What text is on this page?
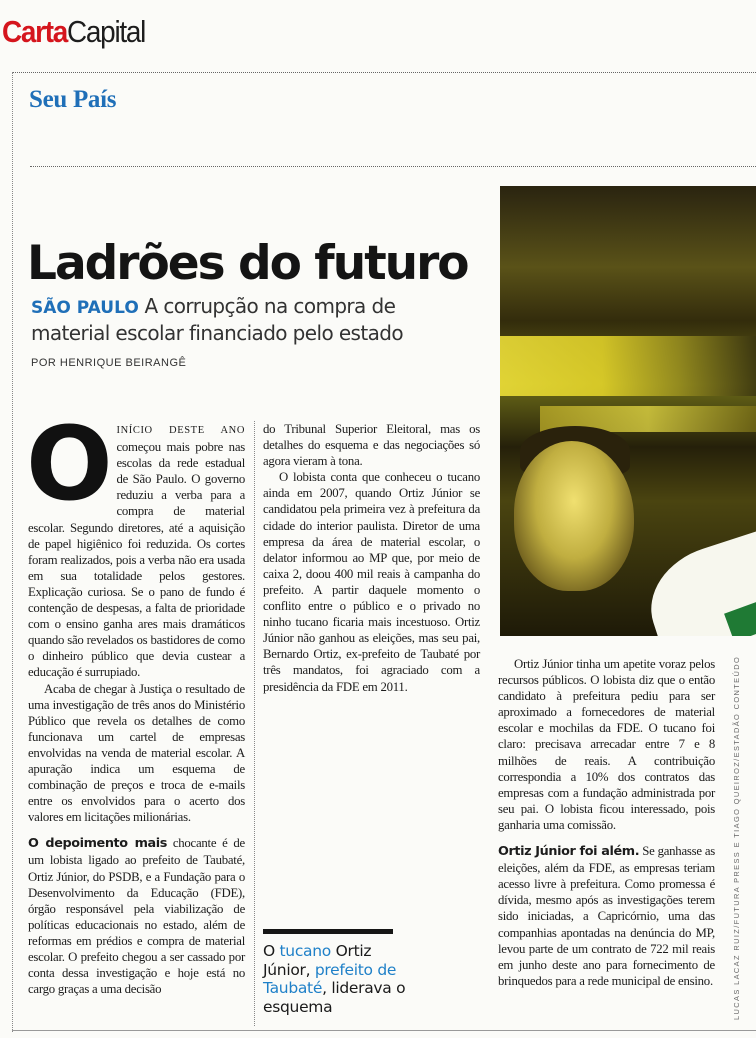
CartaCapital
Seu País
Ladrões do futuro
SÃO PAULO A corrupção na compra de material escolar financiado pelo estado
POR HENRIQUE BEIRANGÊ

OINÍCIO DESTE ANO começou mais pobre nas escolas da rede estadual de São Paulo. O governo reduziu a verba para a compra de material escolar. Segundo diretores, até a aquisição de papel higiênico foi reduzida. Os cortes foram realizados, pois a verba não era usada em sua totalidade pelos gestores. Explicação curiosa. Se o pano de fundo é contenção de despesas, a falta de prioridade com o ensino ganha ares mais dramáticos quando são revelados os bastidores de como o dinheiro público que devia custear a educação é surrupiado.

Acaba de chegar à Justiça o resultado de uma investigação de três anos do Ministério Público que revela os detalhes de como funcionava um cartel de empresas envolvidas na venda de material escolar. A apuração indica um esquema de combinação de preços e troca de e-mails entre os envolvidos para o acerto dos valores em licitações milionárias.

O depoimento mais chocante é de um lobista ligado ao prefeito de Taubaté, Ortiz Júnior, do PSDB, e a Fundação para o Desenvolvimento da Educação (FDE), órgão responsável pela viabilização de políticas educacionais no estado, além de reformas em prédios e compra de material escolar. O prefeito chegou a ser cassado por conta dessa investigação e hoje está no cargo graças a uma decisão

do Tribunal Superior Eleitoral, mas os detalhes do esquema e das negociações só agora vieram à tona.

O lobista conta que conheceu o tucano ainda em 2007, quando Ortiz Júnior se candidatou pela primeira vez à prefeitura da cidade do interior paulista. Diretor de uma empresa da área de material escolar, o delator informou ao MP que, por meio de caixa 2, doou 400 mil reais à campanha do prefeito. A partir daquele momento o conflito entre o público e o privado no ninho tucano ficaria mais incestuoso. Ortiz Júnior não ganhou as eleições, mas seu pai, Bernardo Ortiz, ex-prefeito de Taubaté por três mandatos, foi agraciado com a presidência da FDE em 2011.

O tucano Ortiz Júnior, prefeito de Taubaté, liderava o esquema

Ortiz Júnior tinha um apetite voraz pelos recursos públicos. O lobista diz que o então candidato à prefeitura pediu para ser aproximado a fornecedores de material escolar e mochilas da FDE. O tucano foi claro: precisava arrecadar entre 7 e 8 milhões de reais. A contribuição correspondia a 10% dos contratos das empresas com a fundação administrada por seu pai. O lobista ficou interessado, pois ganharia uma comissão.

Ortiz Júnior foi além. Se ganhasse as eleições, além da FDE, as empresas teriam acesso livre à prefeitura. Como promessa é dívida, mesmo após as investigações terem sido iniciadas, a Capricórnio, uma das companhias apontadas na denúncia do MP, levou parte de um contrato de 722 mil reais em junho deste ano para fornecimento de brinquedos para a rede municipal de ensino.	LUCAS LACAZ RUIZ/FUTURA PRESS E TIAGO QUEIROZ/ESTADÃO CONTEÚDO
